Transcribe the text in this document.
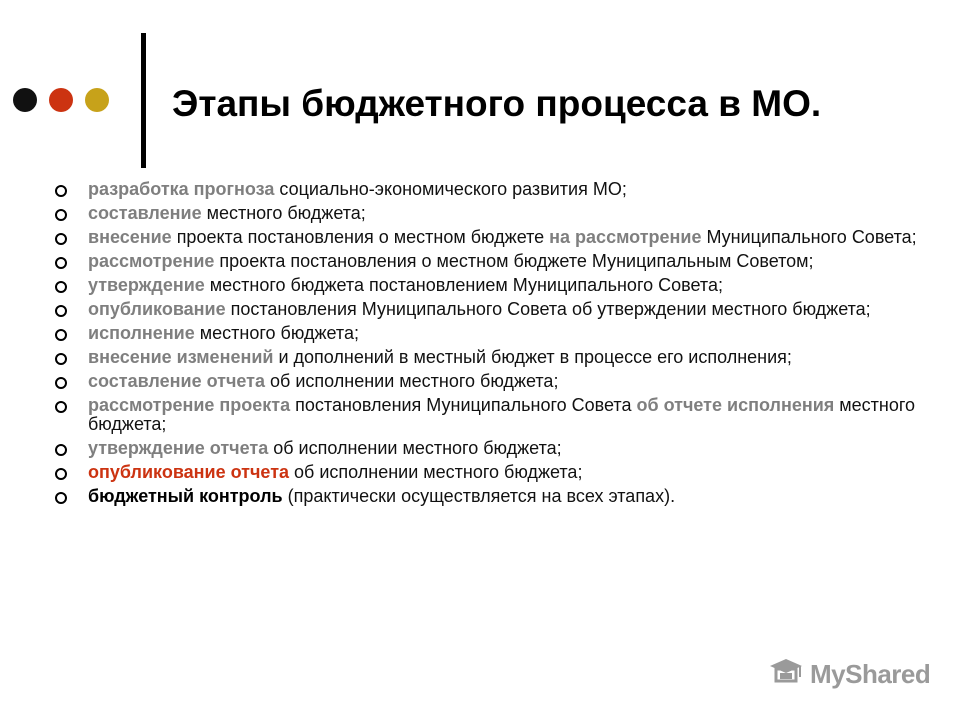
Этапы бюджетного процесса в МО.
разработка прогноза социально-экономического развития МО;
составление местного бюджета;
внесение проекта постановления о местном бюджете на рассмотрение Муниципального Совета;
рассмотрение проекта постановления о местном бюджете Муниципальным Советом;
утверждение местного бюджета постановлением Муниципального Совета;
опубликование постановления Муниципального Совета об утверждении местного бюджета;
исполнение местного бюджета;
внесение изменений и дополнений в местный бюджет в процессе его исполнения;
составление отчета об исполнении местного бюджета;
рассмотрение проекта постановления Муниципального Совета об отчете исполнения местного бюджета;
утверждение отчета об исполнении местного бюджета;
опубликование отчета об исполнении местного бюджета;
бюджетный контроль (практически осуществляется на всех этапах).
MyShared
